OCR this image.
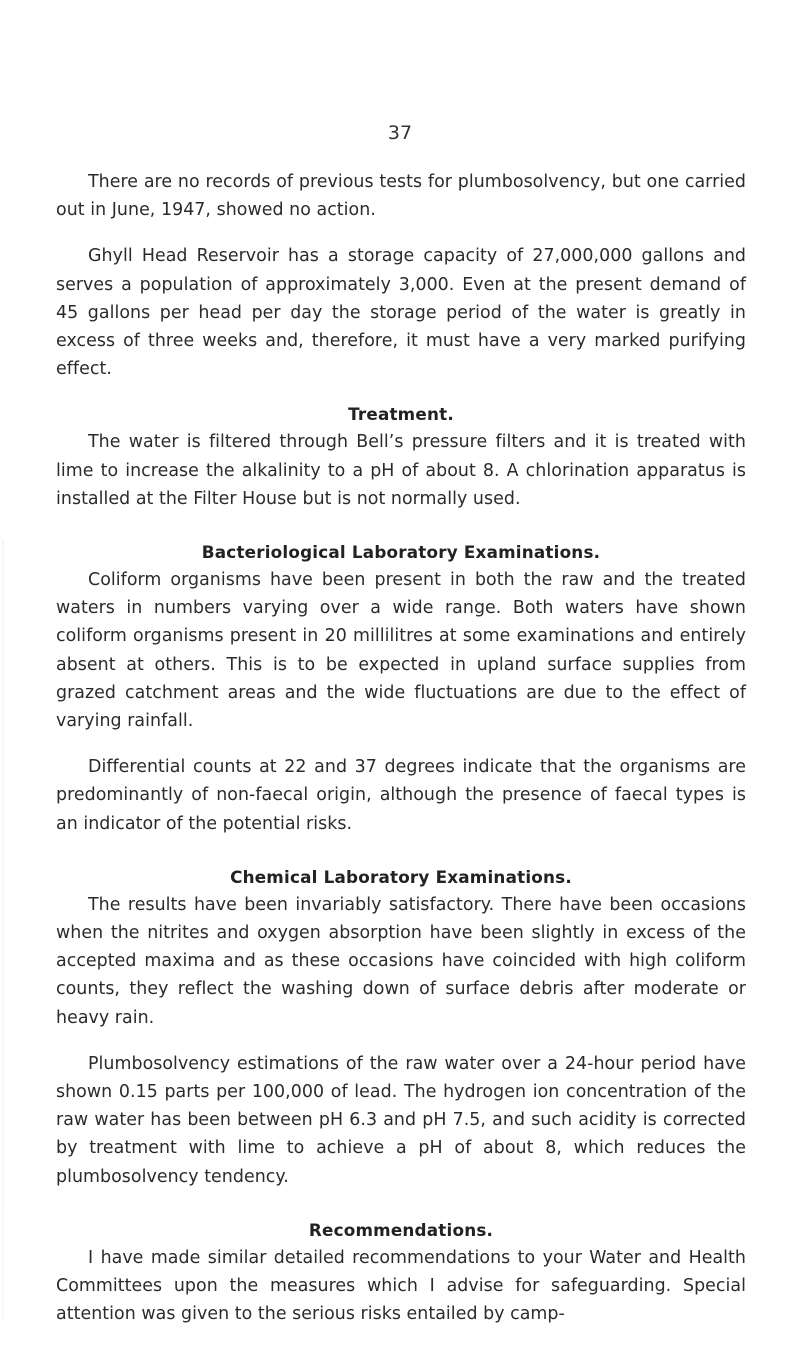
37

There are no records of previous tests for plumbosolvency, but one carried out in June, 1947, showed no action.

Ghyll Head Reservoir has a storage capacity of 27,000,000 gallons and serves a population of approximately 3,000. Even at the present demand of 45 gallons per head per day the storage period of the water is greatly in excess of three weeks and, therefore, it must have a very marked purifying effect.

Treatment.

The water is filtered through Bell’s pressure filters and it is treated with lime to increase the alkalinity to a pH of about 8. A chlorination apparatus is installed at the Filter House but is not normally used.

Bacteriological Laboratory Examinations.

Coliform organisms have been present in both the raw and the treated waters in numbers varying over a wide range. Both waters have shown coliform organisms present in 20 millilitres at some examinations and entirely absent at others. This is to be expected in upland surface supplies from grazed catchment areas and the wide fluctuations are due to the effect of varying rainfall.

Differential counts at 22 and 37 degrees indicate that the organisms are predominantly of non-faecal origin, although the presence of faecal types is an indicator of the potential risks.

Chemical Laboratory Examinations.

The results have been invariably satisfactory. There have been occasions when the nitrites and oxygen absorption have been slightly in excess of the accepted maxima and as these occasions have coincided with high coliform counts, they reflect the washing down of surface debris after moderate or heavy rain.

Plumbosolvency estimations of the raw water over a 24-hour period have shown 0.15 parts per 100,000 of lead. The hydrogen ion concentration of the raw water has been between pH 6.3 and pH 7.5, and such acidity is corrected by treatment with lime to achieve a pH of about 8, which reduces the plumbosolvency tendency.

Recommendations.

I have made similar detailed recommendations to your Water and Health Committees upon the measures which I advise for safeguarding. Special attention was given to the serious risks entailed by camp-
